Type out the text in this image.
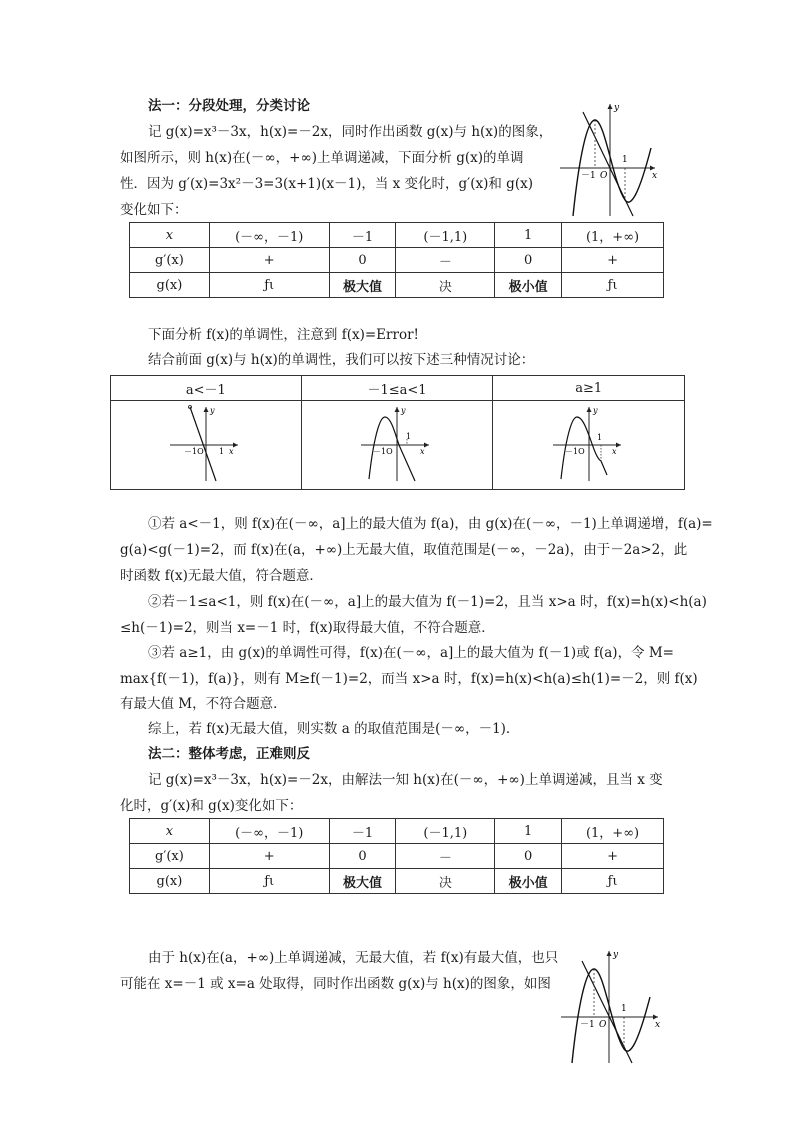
法一：分段处理，分类讨论
记 g(x)=x³－3x，h(x)=－2x，同时作出函数 g(x)与 h(x)的图象，
如图所示，则 h(x)在(－∞，+∞)上单调递减，下面分析 g(x)的单调
性．因为 g′(x)=3x²－3=3(x+1)(x－1)，当 x 变化时，g′(x)和 g(x)
变化如下：
y
x
－1 O
1
x	(－∞，－1)	－1	(－1,1)	1	(1，+∞)
g′(x)	+	0	－	0	+
g(x)	ƒι	极大值	决	极小值	ƒι
下面分析 f(x)的单调性，注意到 f(x)=Error!
结合前面 g(x)与 h(x)的单调性，我们可以按下述三种情况讨论：
a<－1	－1≤a<1	a≥1

y
－1O 1 x	y
－1O
1
x	y
－1O
1
x
①若 a<－1，则 f(x)在(－∞，a]上的最大值为 f(a)，由 g(x)在(－∞，－1)上单调递增，f(a)=
g(a)<g(－1)=2，而 f(x)在(a，+∞)上无最大值，取值范围是(－∞，－2a)，由于－2a>2，此
时函数 f(x)无最大值，符合题意．
②若－1≤a<1，则 f(x)在(－∞，a]上的最大值为 f(－1)=2，且当 x>a 时，f(x)=h(x)<h(a)
≤h(－1)=2，则当 x=－1 时，f(x)取得最大值，不符合题意．
③若 a≥1，由 g(x)的单调性可得，f(x)在(－∞，a]上的最大值为 f(－1)或 f(a)，令 M=
max{f(－1)，f(a)}，则有 M≥f(－1)=2，而当 x>a 时，f(x)=h(x)<h(a)≤h(1)=－2，则 f(x)
有最大值 M，不符合题意．
综上，若 f(x)无最大值，则实数 a 的取值范围是(－∞，－1)．
法二：整体考虑，正难则反
记 g(x)=x³－3x，h(x)=－2x，由解法一知 h(x)在(－∞，+∞)上单调递减，且当 x 变
化时，g′(x)和 g(x)变化如下：
x	(－∞，－1)	－1	(－1,1)	1	(1，+∞)
g′(x)	+	0	－	0	+
g(x)	ƒι	极大值	决	极小值	ƒι
由于 h(x)在(a，+∞)上单调递减，无最大值，若 f(x)有最大值，也只
可能在 x=－1 或 x=a 处取得，同时作出函数 g(x)与 h(x)的图象，如图
y
x
－1 O
1
